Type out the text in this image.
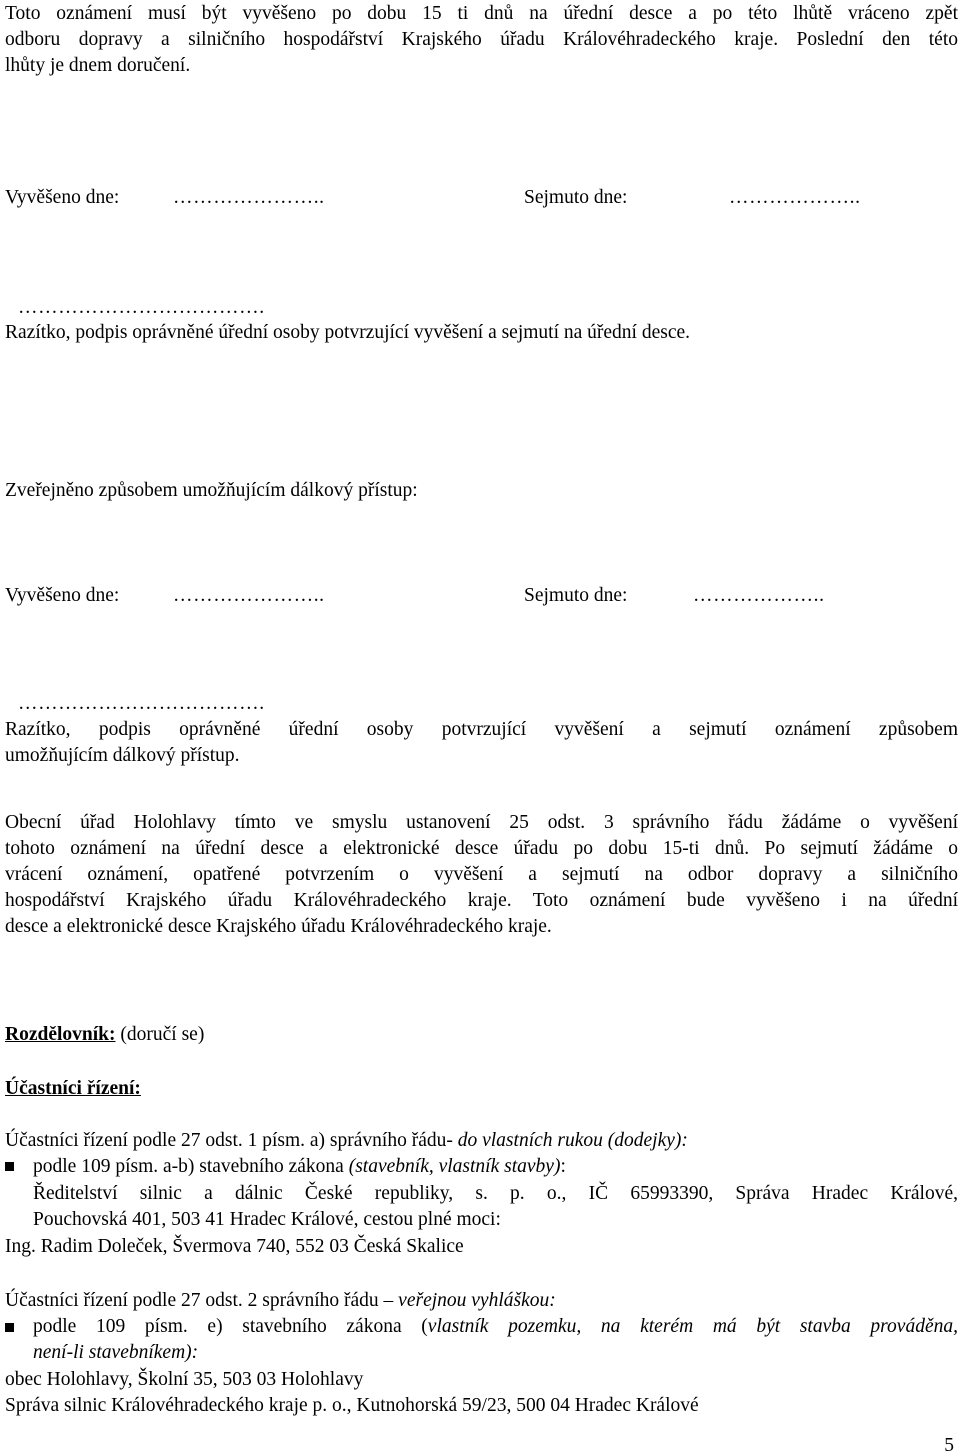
Toto oznámení musí být vyvěšeno po dobu 15 ti dnů na úřední desce a po této lhůtě vráceno zpět
odboru dopravy a silničního hospodářství Krajského úřadu Královéhradeckého kraje. Poslední den této
lhůty je dnem doručení.
Vyvěšeno dne:	…………………..	Sejmuto dne:	………………..
……………………………….
Razítko, podpis oprávněné úřední osoby potvrzující vyvěšení a sejmutí na úřední desce.
Zveřejněno způsobem umožňujícím dálkový přístup:
Vyvěšeno dne:	…………………..	Sejmuto dne:	………………..
……………………………….
Razítko, podpis oprávněné úřední osoby potvrzující vyvěšení a sejmutí oznámení způsobem
umožňujícím dálkový přístup.
Obecní úřad Holohlavy tímto ve smyslu ustanovení 25 odst. 3 správního řádu žádáme o vyvěšení
tohoto oznámení na úřední desce a elektronické desce úřadu po dobu 15-ti dnů. Po sejmutí žádáme o
vrácení oznámení, opatřené potvrzením o vyvěšení a sejmutí na odbor dopravy a silničního
hospodářství Krajského úřadu Královéhradeckého kraje. Toto oznámení bude vyvěšeno i na úřední
desce a elektronické desce Krajského úřadu Královéhradeckého kraje.
Rozdělovník: (doručí se)
Účastníci řízení:
Účastníci řízení podle 27 odst. 1 písm. a) správního řádu- do vlastních rukou (dodejky):
podle 109 písm. a-b) stavebního zákona (stavebník, vlastník stavby):
Ředitelství silnic a dálnic České republiky, s. p. o., IČ 65993390, Správa Hradec Králové,
Pouchovská 401, 503 41 Hradec Králové, cestou plné moci:
Ing. Radim Doleček, Švermova 740, 552 03 Česká Skalice
Účastníci řízení podle 27 odst. 2 správního řádu – veřejnou vyhláškou:
podle 109 písm. e) stavebního zákona (vlastník pozemku, na kterém má být stavba prováděna,
není-li stavebníkem):
obec Holohlavy, Školní 35, 503 03 Holohlavy
Správa silnic Královéhradeckého kraje p. o., Kutnohorská 59/23, 500 04 Hradec Králové
5
